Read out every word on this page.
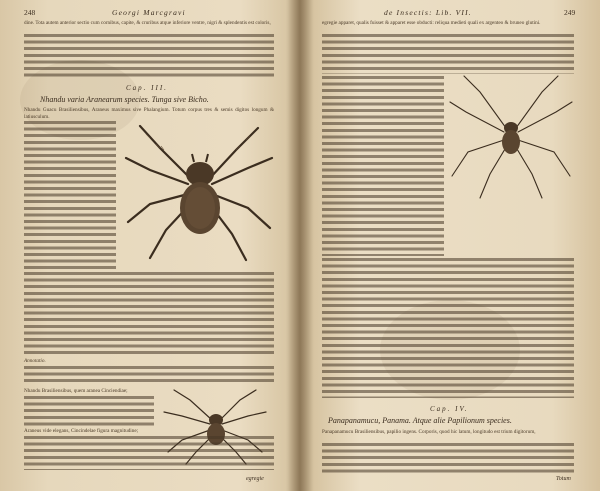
248	Georgi Marcgravi
dine. Tota autem anterior sectio cum cornibus, capite, & cruribus atque inferiore ventre, nigri & splendentis est coloris,
Cap. III.
Nhandu varia Aranearum species. Tunga sive Bicho.
Nhandu Guacu Brasiliensibus, Araneus maximus sive Phalangium. Totum corpus tres & semis digitos longum & latiusculum.
Annotatio.
Nhandu Brasiliensibus, quem aranea Cinciendiae;
Araneus vide elegans, Cincindelae figura magnitudine;
egregie
de Insectis: Lib. VII.	249
egregie apparet, qualis fuisset & apparet esse obducti: reliqua medieti quali ex argenteo & bruneo glutini.
Cap. IV.
Panapanamucu, Panama. Atque alie Papilionum species.
Panapanamucu Brasiliensibus, papilio ingens. Corporis, quod hic latum, longitudo est trium digitorum,
Totum
